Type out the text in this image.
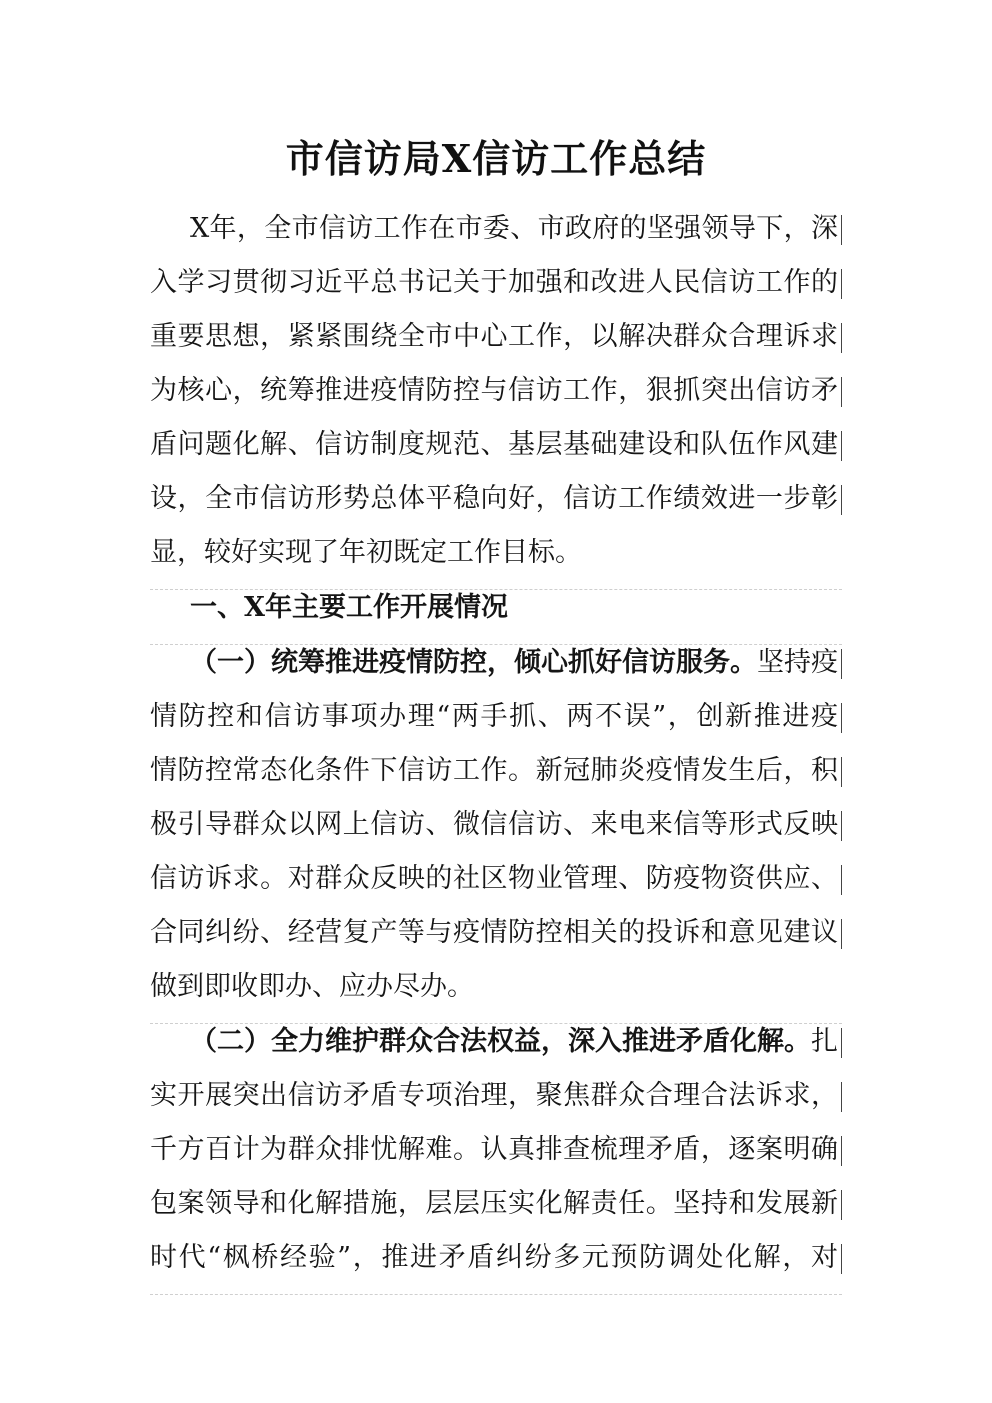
市信访局X信访工作总结
X年，全市信访工作在市委、市政府的坚强领导下，深
入学习贯彻习近平总书记关于加强和改进人民信访工作的
重要思想，紧紧围绕全市中心工作，以解决群众合理诉求
为核心，统筹推进疫情防控与信访工作，狠抓突出信访矛
盾问题化解、信访制度规范、基层基础建设和队伍作风建
设，全市信访形势总体平稳向好，信访工作绩效进一步彰
显，较好实现了年初既定工作目标。
一、X年主要工作开展情况
（一）统筹推进疫情防控，倾心抓好信访服务。坚持疫
情防控和信访事项办理“两手抓、两不误”，创新推进疫
情防控常态化条件下信访工作。新冠肺炎疫情发生后，积
极引导群众以网上信访、微信信访、来电来信等形式反映
信访诉求。对群众反映的社区物业管理、防疫物资供应、
合同纠纷、经营复产等与疫情防控相关的投诉和意见建议
做到即收即办、应办尽办。
（二）全力维护群众合法权益，深入推进矛盾化解。扎
实开展突出信访矛盾专项治理，聚焦群众合理合法诉求，
千方百计为群众排忧解难。认真排查梳理矛盾，逐案明确
包案领导和化解措施，层层压实化解责任。坚持和发展新
时代“枫桥经验”，推进矛盾纠纷多元预防调处化解，对
